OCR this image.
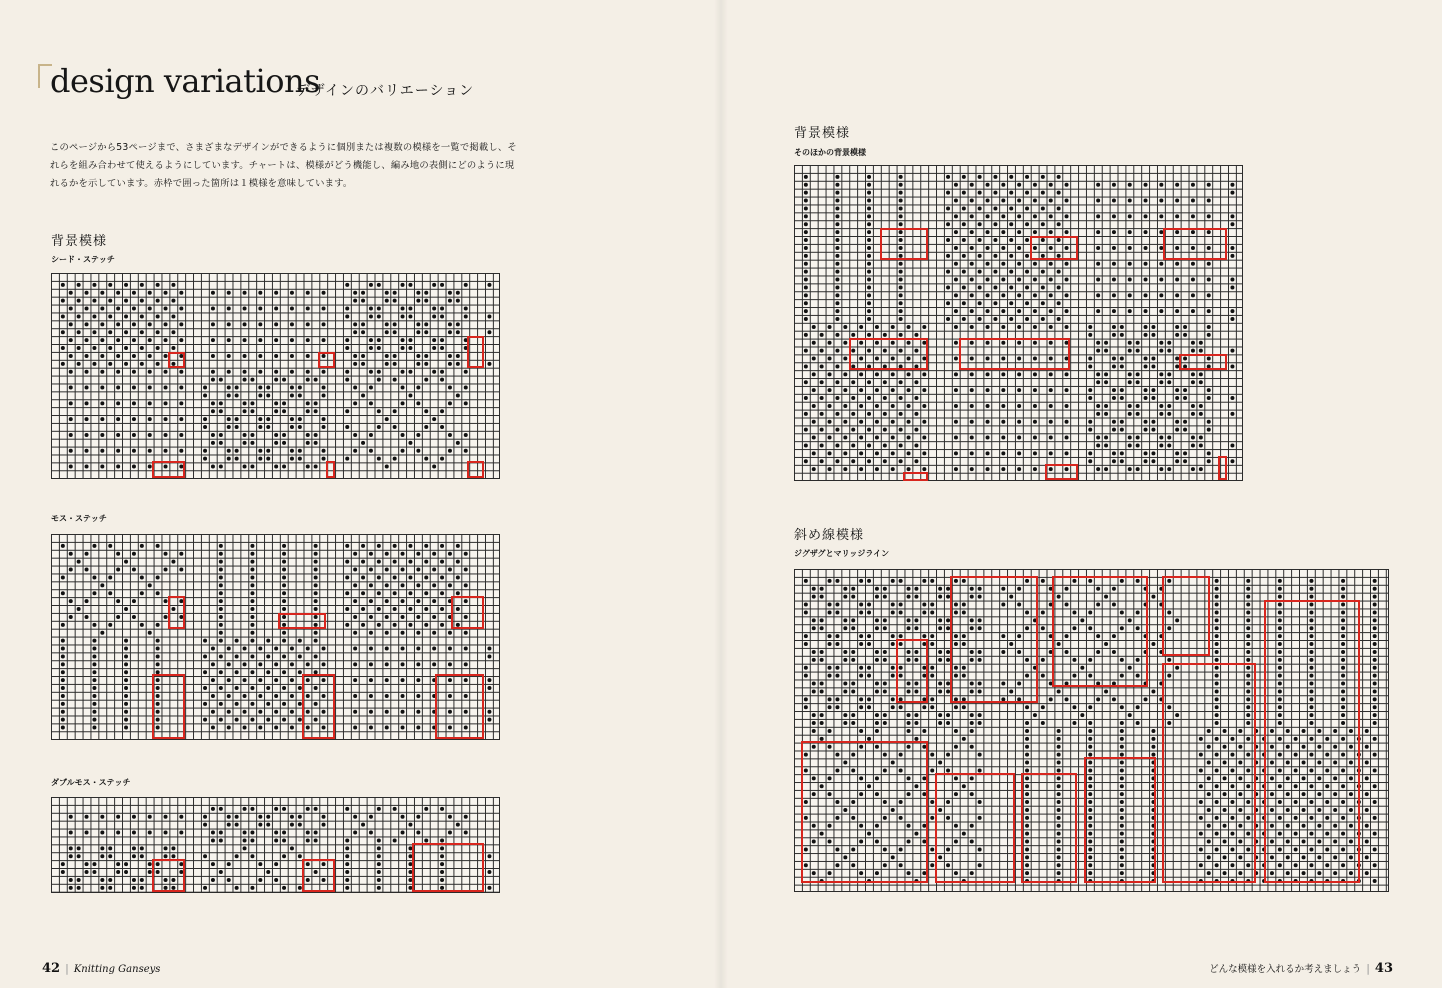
design variations
デザインのバリエーション
このページから53ページまで、さまざまなデザインができるように個別または複数の模様を一覧で掲載し、それらを組み合わせて使えるようにしています。チャートは、模様がどう機能し、編み地の表側にどのように現れるかを示しています。赤枠で囲った箇所は１模様を意味しています。
背景模様
シード・ステッチ
モス・ステッチ
ダブルモス・ステッチ
42 | Knitting Ganseys
背景模様
そのほかの背景模様
斜め線模様
ジグザグとマリッジライン
どんな模様を入れるか考えましょう | 43
